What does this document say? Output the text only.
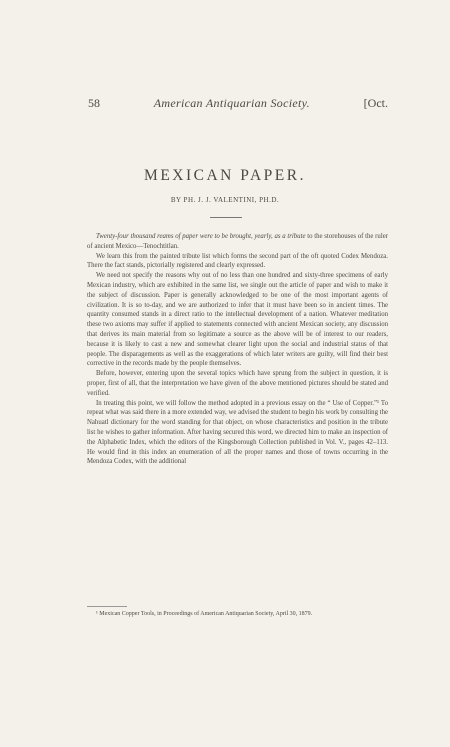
58	American Antiquarian Society.	[Oct.
MEXICAN PAPER.
BY PH. J. J. VALENTINI, PH.D.

Twenty-four thousand reams of paper were to be brought, yearly, as a tribute to the storehouses of the ruler of ancient Mexico—Tenochtitlan.

We learn this from the painted tribute list which forms the second part of the oft quoted Codex Mendoza. There the fact stands, pictorially registered and clearly expressed.

We need not specify the reasons why out of no less than one hundred and sixty-three specimens of early Mexican industry, which are exhibited in the same list, we single out the article of paper and wish to make it the subject of discussion. Paper is generally acknowledged to be one of the most important agents of civilization. It is so to-day, and we are authorized to infer that it must have been so in ancient times. The quantity consumed stands in a direct ratio to the intellectual development of a nation. Whatever meditation these two axioms may suffer if applied to statements connected with ancient Mexican society, any discussion that derives its main material from so legitimate a source as the above will be of interest to our readers, because it is likely to cast a new and somewhat clearer light upon the social and industrial status of that people. The disparagements as well as the exaggerations of which later writers are guilty, will find their best corrective in the records made by the people themselves.

Before, however, entering upon the several topics which have sprung from the subject in question, it is proper, first of all, that the interpretation we have given of the above mentioned pictures should be stated and verified.

In treating this point, we will follow the method adopted in a previous essay on the “ Use of Copper.”¹ To repeat what was said there in a more extended way, we advised the student to begin his work by consulting the Nahuatl dictionary for the word standing for that object, on whose characteristics and position in the tribute list he wishes to gather information. After having secured this word, we directed him to make an inspection of the Alphabetic Index, which the editors of the Kingsborough Collection published in Vol. V., pages 42–113. He would find in this index an enumeration of all the proper names and those of towns occurring in the Mendoza Codex, with the additional

¹ Mexican Copper Tools, in Proceedings of American Antiquarian Society, April 30, 1879.
